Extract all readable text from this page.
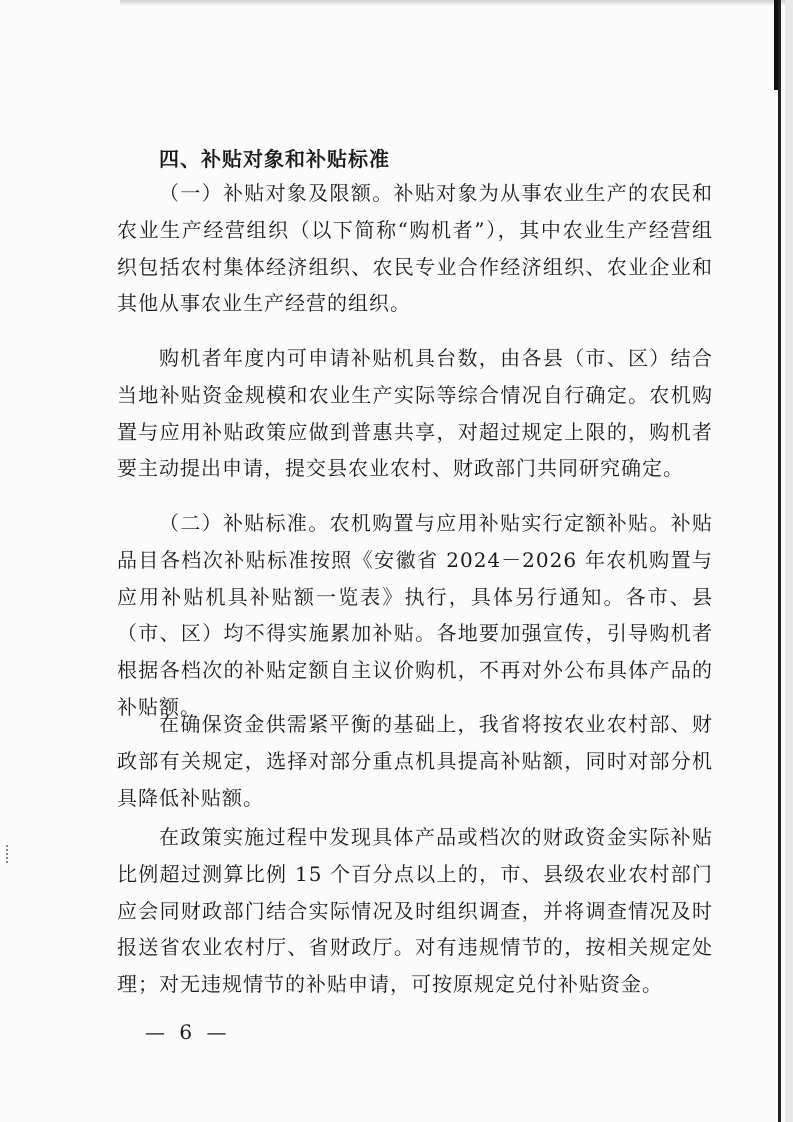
四、补贴对象和补贴标准

（一）补贴对象及限额。补贴对象为从事农业生产的农民和农业生产经营组织（以下简称“购机者”），其中农业生产经营组织包括农村集体经济组织、农民专业合作经济组织、农业企业和其他从事农业生产经营的组织。

购机者年度内可申请补贴机具台数，由各县（市、区）结合当地补贴资金规模和农业生产实际等综合情况自行确定。农机购置与应用补贴政策应做到普惠共享，对超过规定上限的，购机者要主动提出申请，提交县农业农村、财政部门共同研究确定。

（二）补贴标准。农机购置与应用补贴实行定额补贴。补贴品目各档次补贴标准按照《安徽省 2024－2026 年农机购置与应用补贴机具补贴额一览表》执行，具体另行通知。各市、县（市、区）均不得实施累加补贴。各地要加强宣传，引导购机者根据各档次的补贴定额自主议价购机，不再对外公布具体产品的补贴额。

在确保资金供需紧平衡的基础上，我省将按农业农村部、财政部有关规定，选择对部分重点机具提高补贴额，同时对部分机具降低补贴额。

在政策实施过程中发现具体产品或档次的财政资金实际补贴比例超过测算比例 15 个百分点以上的，市、县级农业农村部门应会同财政部门结合实际情况及时组织调查，并将调查情况及时报送省农业农村厅、省财政厅。对有违规情节的，按相关规定处理；对无违规情节的补贴申请，可按原规定兑付补贴资金。

— 6 —
